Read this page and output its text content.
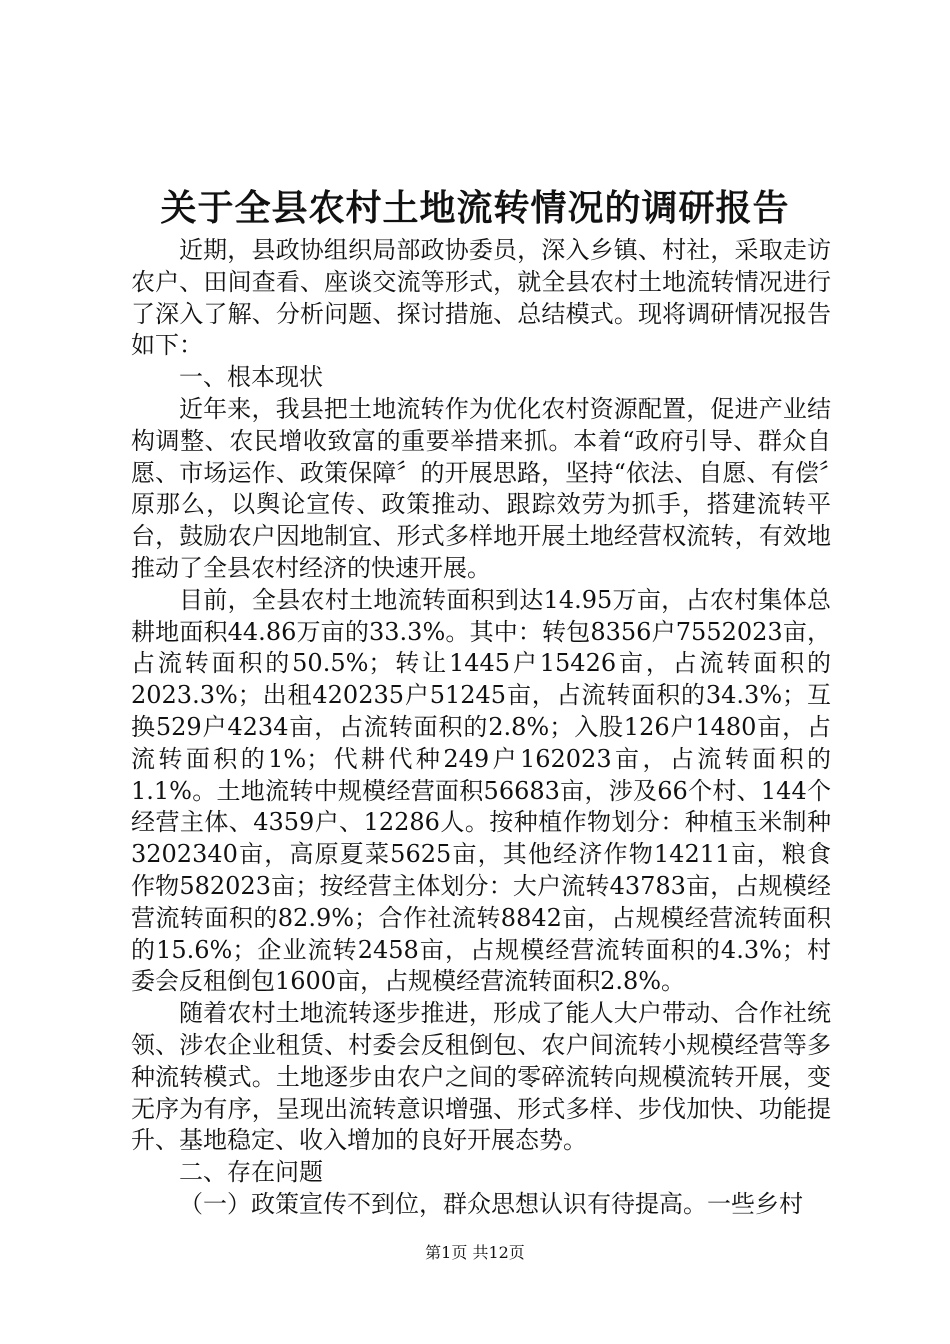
关于全县农村土地流转情况的调研报告

近期，县政协组织局部政协委员，深入乡镇、村社，采取走访农户、田间查看、座谈交流等形式，就全县农村土地流转情况进行了深入了解、分析问题、探讨措施、总结模式。现将调研情况报告如下：

一、根本现状

近年来，我县把土地流转作为优化农村资源配置，促进产业结构调整、农民增收致富的重要举措来抓。本着“政府引导、群众自愿、市场运作、政策保障〞的开展思路，坚持“依法、自愿、有偿〞原那么，以舆论宣传、政策推动、跟踪效劳为抓手，搭建流转平台，鼓励农户因地制宜、形式多样地开展土地经营权流转，有效地推动了全县农村经济的快速开展。

目前，全县农村土地流转面积到达14.95万亩，占农村集体总耕地面积44.86万亩的33.3%。其中：转包8356户7552023亩，占流转面积的50.5%；转让1445户15426亩，占流转面积的2023.3%；出租420235户51245亩，占流转面积的34.3%；互换529户4234亩，占流转面积的2.8%；入股126户1480亩，占流转面积的1%；代耕代种249户162023亩，占流转面积的1.1%。土地流转中规模经营面积56683亩，涉及66个村、144个经营主体、4359户、12286人。按种植作物划分：种植玉米制种3202340亩，高原夏菜5625亩，其他经济作物14211亩，粮食作物582023亩；按经营主体划分：大户流转43783亩，占规模经营流转面积的82.9%；合作社流转8842亩，占规模经营流转面积的15.6%；企业流转2458亩，占规模经营流转面积的4.3%；村委会反租倒包1600亩，占规模经营流转面积2.8%。

随着农村土地流转逐步推进，形成了能人大户带动、合作社统领、涉农企业租赁、村委会反租倒包、农户间流转小规模经营等多种流转模式。土地逐步由农户之间的零碎流转向规模流转开展，变无序为有序，呈现出流转意识增强、形式多样、步伐加快、功能提升、基地稳定、收入增加的良好开展态势。

二、存在问题

（一）政策宣传不到位，群众思想认识有待提高。一些乡村

第1页 共12页
